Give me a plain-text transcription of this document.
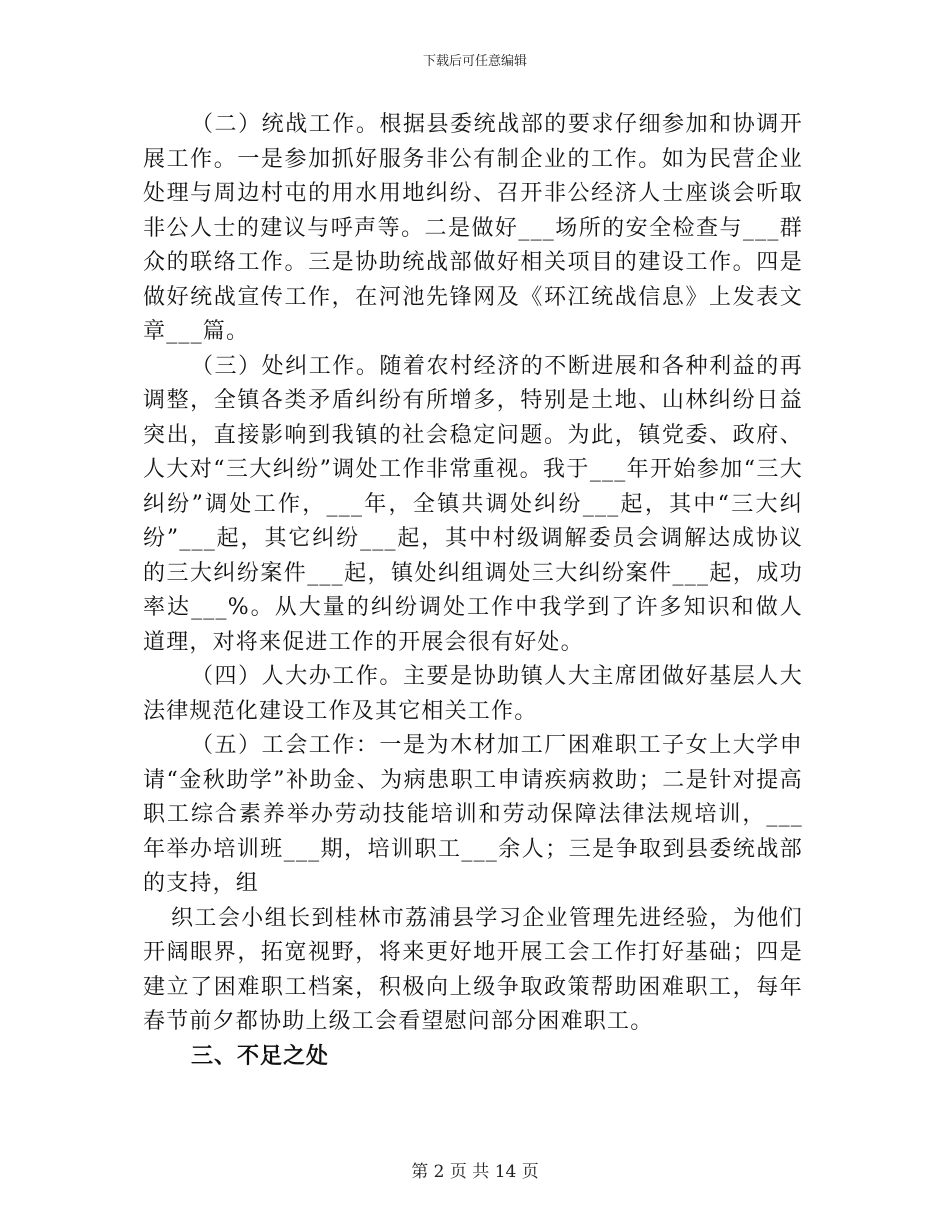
下载后可任意编辑

（二）统战工作。根据县委统战部的要求仔细参加和协调开展工作。一是参加抓好服务非公有制企业的工作。如为民营企业处理与周边村屯的用水用地纠纷、召开非公经济人士座谈会听取非公人士的建议与呼声等。二是做好___场所的安全检查与___群众的联络工作。三是协助统战部做好相关项目的建设工作。四是做好统战宣传工作，在河池先锋网及《环江统战信息》上发表文章___篇。

（三）处纠工作。随着农村经济的不断进展和各种利益的再调整，全镇各类矛盾纠纷有所增多，特别是土地、山林纠纷日益突出，直接影响到我镇的社会稳定问题。为此，镇党委、政府、人大对“三大纠纷”调处工作非常重视。我于___年开始参加“三大纠纷”调处工作，___年，全镇共调处纠纷___起，其中“三大纠纷”___起，其它纠纷___起，其中村级调解委员会调解达成协议的三大纠纷案件___起，镇处纠组调处三大纠纷案件___起，成功率达___%。从大量的纠纷调处工作中我学到了许多知识和做人道理，对将来促进工作的开展会很有好处。

（四）人大办工作。主要是协助镇人大主席团做好基层人大法律规范化建设工作及其它相关工作。

（五）工会工作：一是为木材加工厂困难职工子女上大学申请“金秋助学”补助金、为病患职工申请疾病救助；二是针对提高职工综合素养举办劳动技能培训和劳动保障法律法规培训，___年举办培训班___期，培训职工___余人；三是争取到县委统战部的支持，组

织工会小组长到桂林市荔浦县学习企业管理先进经验，为他们开阔眼界，拓宽视野，将来更好地开展工会工作打好基础；四是建立了困难职工档案，积极向上级争取政策帮助困难职工，每年春节前夕都协助上级工会看望慰问部分困难职工。

三、不足之处

第 2 页 共 14 页
